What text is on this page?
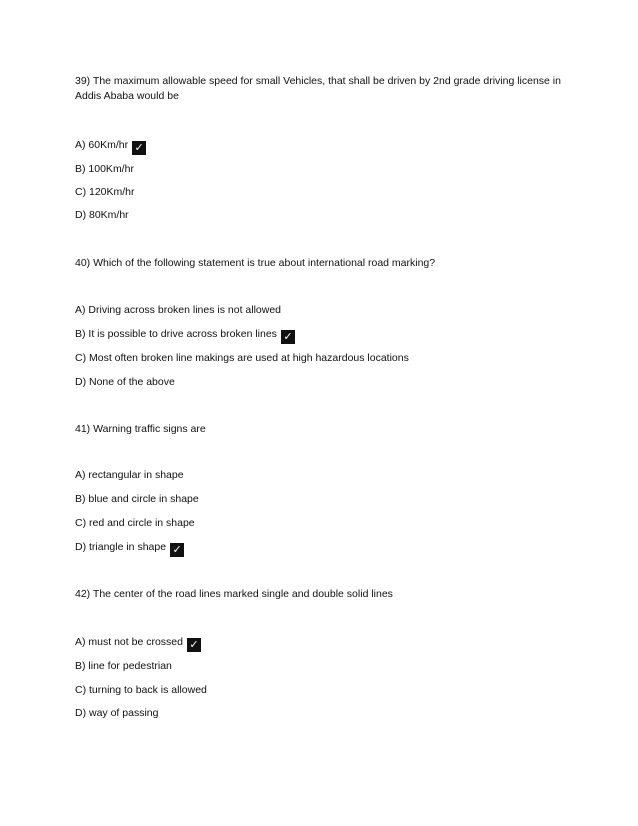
39) The maximum allowable speed for small Vehicles, that shall be driven by 2nd grade driving license in Addis Ababa would be
A) 60Km/hr ✓
B) 100Km/hr
C) 120Km/hr
D) 80Km/hr
40) Which of the following statement is true about international road marking?
A) Driving across broken lines is not allowed
B) It is possible to drive across broken lines ✓
C) Most often broken line makings are used at high hazardous locations
D) None of the above
41) Warning traffic signs are
A) rectangular in shape
B) blue and circle in shape
C) red and circle in shape
D) triangle in shape ✓
42) The center of the road lines marked single and double solid lines
A) must not be crossed ✓
B) line for pedestrian
C) turning to back is allowed
D) way of passing
